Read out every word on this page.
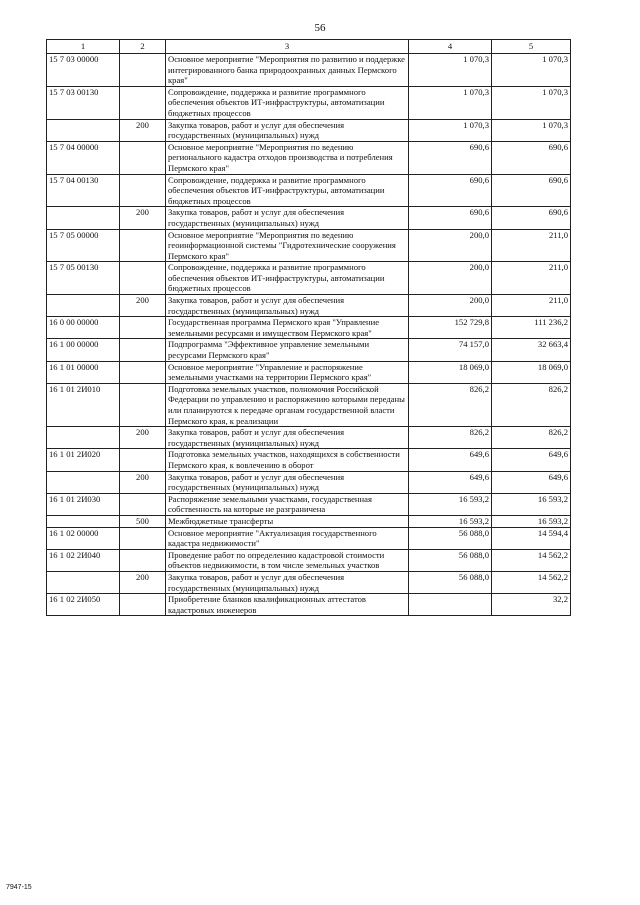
56
1	2	3	4	5
15 7 03 00000		Основное мероприятие "Мероприятия по развитию и поддержке интегрированного банка природоохранных данных Пермского края"	1 070,3	1 070,3
15 7 03 00130		Сопровождение, поддержка и развитие программного обеспечения объектов ИТ-инфраструктуры, автоматизации бюджетных процессов	1 070,3	1 070,3
	200	Закупка товаров, работ и услуг для обеспечения государственных (муниципальных) нужд	1 070,3	1 070,3
15 7 04 00000		Основное мероприятие "Мероприятия по ведению регионального кадастра отходов производства и потребления Пермского края"	690,6	690,6
15 7 04 00130		Сопровождение, поддержка и развитие программного обеспечения объектов ИТ-инфраструктуры, автоматизации бюджетных процессов	690,6	690,6
	200	Закупка товаров, работ и услуг для обеспечения государственных (муниципальных) нужд	690,6	690,6
15 7 05 00000		Основное мероприятие "Мероприятия по ведению геоинформационной системы "Гидротехнические сооружения Пермского края"	200,0	211,0
15 7 05 00130		Сопровождение, поддержка и развитие программного обеспечения объектов ИТ-инфраструктуры, автоматизации бюджетных процессов	200,0	211,0
	200	Закупка товаров, работ и услуг для обеспечения государственных (муниципальных) нужд	200,0	211,0
16 0 00 00000		Государственная программа Пермского края "Управление земельными ресурсами и имуществом Пермского края"	152 729,8	111 236,2
16 1 00 00000		Подпрограмма "Эффективное управление земельными ресурсами Пермского края"	74 157,0	32 663,4
16 1 01 00000		Основное мероприятие "Управление и распоряжение земельными участками на территории Пермского края"	18 069,0	18 069,0
16 1 01 2И010		Подготовка земельных участков, полномочия Российской Федерации по управлению и распоряжению которыми переданы или планируются к передаче органам государственной власти Пермского края, к реализации	826,2	826,2
	200	Закупка товаров, работ и услуг для обеспечения государственных (муниципальных) нужд	826,2	826,2
16 1 01 2И020		Подготовка земельных участков, находящихся в собственности Пермского края, к вовлечению в оборот	649,6	649,6
	200	Закупка товаров, работ и услуг для обеспечения государственных (муниципальных) нужд	649,6	649,6
16 1 01 2И030		Распоряжение земельными участками, государственная собственность на которые не разграничена	16 593,2	16 593,2
	500	Межбюджетные трансферты	16 593,2	16 593,2
16 1 02 00000		Основное мероприятие "Актуализация государственного кадастра недвижимости"	56 088,0	14 594,4
16 1 02 2И040		Проведение работ по определению кадастровой стоимости объектов недвижимости, в том числе земельных участков	56 088,0	14 562,2
	200	Закупка товаров, работ и услуг для обеспечения государственных (муниципальных) нужд	56 088,0	14 562,2
16 1 02 2И050		Приобретение бланков квалификационных аттестатов кадастровых инженеров		32,2
7947-15
